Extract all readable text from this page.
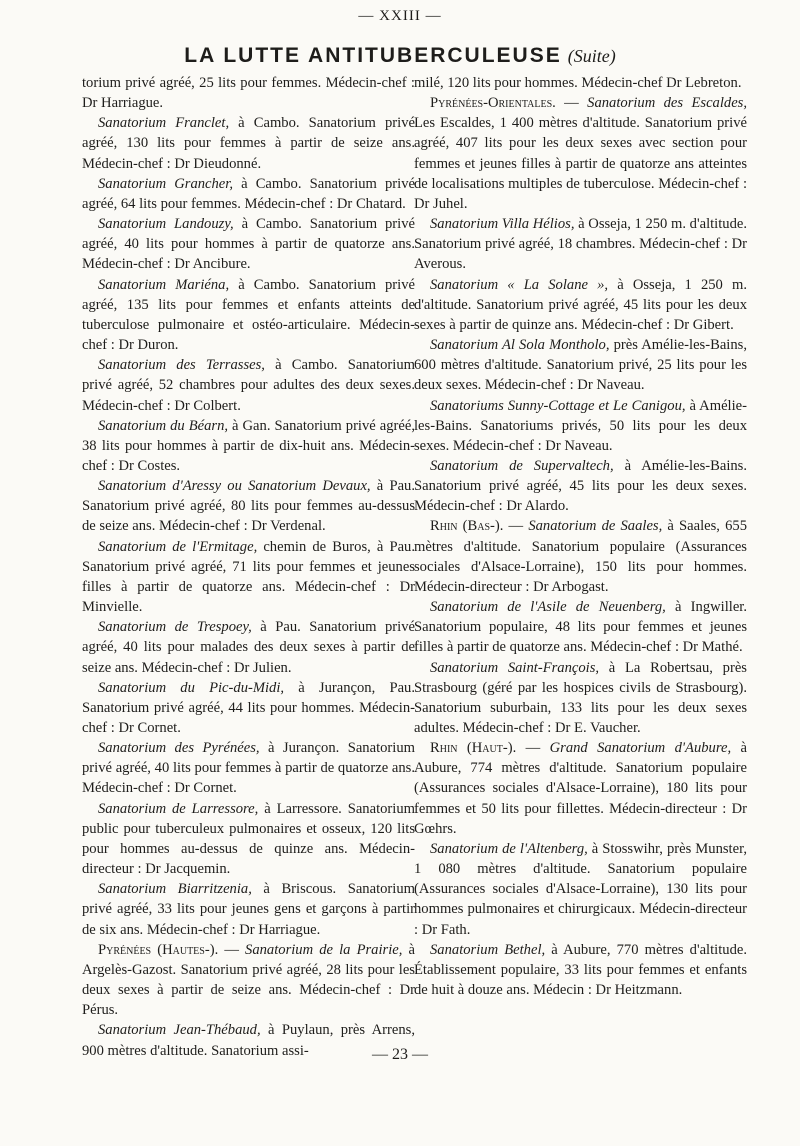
— XXIII —
LA LUTTE ANTITUBERCULEUSE (Suite)

torium privé agréé, 25 lits pour femmes. Médecin-chef : Dr Harriague.

Sanatorium Franclet, à Cambo. Sanatorium privé agréé, 130 lits pour femmes à partir de seize ans. Médecin-chef : Dr Dieudonné.

Sanatorium Grancher, à Cambo. Sanatorium privé agréé, 64 lits pour femmes. Médecin-chef : Dr Chatard.

Sanatorium Landouzy, à Cambo. Sanatorium privé agréé, 40 lits pour hommes à partir de quatorze ans. Médecin-chef : Dr Ancibure.

Sanatorium Mariéna, à Cambo. Sanatorium privé agréé, 135 lits pour femmes et enfants atteints de tuberculose pulmonaire et ostéo-articulaire. Médecin-chef : Dr Duron.

Sanatorium des Terrasses, à Cambo. Sanatorium privé agréé, 52 chambres pour adultes des deux sexes. Médecin-chef : Dr Colbert.

Sanatorium du Béarn, à Gan. Sanatorium privé agréé, 38 lits pour hommes à partir de dix-huit ans. Médecin-chef : Dr Costes.

Sanatorium d'Aressy ou Sanatorium Devaux, à Pau. Sanatorium privé agréé, 80 lits pour femmes au-dessus de seize ans. Médecin-chef : Dr Verdenal.

Sanatorium de l'Ermitage, chemin de Buros, à Pau. Sanatorium privé agréé, 71 lits pour femmes et jeunes filles à partir de quatorze ans. Médecin-chef : Dr Minvielle.

Sanatorium de Trespoey, à Pau. Sanatorium privé agréé, 40 lits pour malades des deux sexes à partir de seize ans. Médecin-chef : Dr Julien.

Sanatorium du Pic-du-Midi, à Jurançon, Pau. Sanatorium privé agréé, 44 lits pour hommes. Médecin-chef : Dr Cornet.

Sanatorium des Pyrénées, à Jurançon. Sanatorium privé agréé, 40 lits pour femmes à partir de quatorze ans. Médecin-chef : Dr Cornet.

Sanatorium de Larressore, à Larressore. Sanatorium public pour tuberculeux pulmonaires et osseux, 120 lits pour hommes au-dessus de quinze ans. Médecin-directeur : Dr Jacquemin.

Sanatorium Biarritzenia, à Briscous. Sanatorium privé agréé, 33 lits pour jeunes gens et garçons à partir de six ans. Médecin-chef : Dr Harriague.

Pyrénées (Hautes-). — Sanatorium de la Prairie, à Argelès-Gazost. Sanatorium privé agréé, 28 lits pour les deux sexes à partir de seize ans. Médecin-chef : Dr Pérus.

Sanatorium Jean-Thébaud, à Puylaun, près Arrens, 900 mètres d'altitude. Sanatorium assi-

milé, 120 lits pour hommes. Médecin-chef Dr Lebreton.

Pyrénées-Orientales. — Sanatorium des Escaldes, Les Escaldes, 1 400 mètres d'altitude. Sanatorium privé agréé, 407 lits pour les deux sexes avec section pour femmes et jeunes filles à partir de quatorze ans atteintes de localisations multiples de tuberculose. Médecin-chef : Dr Juhel.

Sanatorium Villa Hélios, à Osseja, 1 250 m. d'altitude. Sanatorium privé agréé, 18 chambres. Médecin-chef : Dr Averous.

Sanatorium « La Solane », à Osseja, 1 250 m. d'altitude. Sanatorium privé agréé, 45 lits pour les deux sexes à partir de quinze ans. Médecin-chef : Dr Gibert.

Sanatorium Al Sola Montholo, près Amélie-les-Bains, 600 mètres d'altitude. Sanatorium privé, 25 lits pour les deux sexes. Médecin-chef : Dr Naveau.

Sanatoriums Sunny-Cottage et Le Canigou, à Amélie-les-Bains. Sanatoriums privés, 50 lits pour les deux sexes. Médecin-chef : Dr Naveau.

Sanatorium de Supervaltech, à Amélie-les-Bains. Sanatorium privé agréé, 45 lits pour les deux sexes. Médecin-chef : Dr Alardo.

Rhin (Bas-). — Sanatorium de Saales, à Saales, 655 mètres d'altitude. Sanatorium populaire (Assurances sociales d'Alsace-Lorraine), 150 lits pour hommes. Médecin-directeur : Dr Arbogast.

Sanatorium de l'Asile de Neuenberg, à Ingwiller. Sanatorium populaire, 48 lits pour femmes et jeunes filles à partir de quatorze ans. Médecin-chef : Dr Mathé.

Sanatorium Saint-François, à La Robertsau, près Strasbourg (géré par les hospices civils de Strasbourg). Sanatorium suburbain, 133 lits pour les deux sexes adultes. Médecin-chef : Dr E. Vaucher.

Rhin (Haut-). — Grand Sanatorium d'Aubure, à Aubure, 774 mètres d'altitude. Sanatorium populaire (Assurances sociales d'Alsace-Lorraine), 180 lits pour femmes et 50 lits pour fillettes. Médecin-directeur : Dr Gœhrs.

Sanatorium de l'Altenberg, à Stosswihr, près Munster, 1 080 mètres d'altitude. Sanatorium populaire (Assurances sociales d'Alsace-Lorraine), 130 lits pour hommes pulmonaires et chirurgicaux. Médecin-directeur : Dr Fath.

Sanatorium Bethel, à Aubure, 770 mètres d'altitude. Établissement populaire, 33 lits pour femmes et enfants de huit à douze ans. Médecin : Dr Heitzmann.

— 23 —
